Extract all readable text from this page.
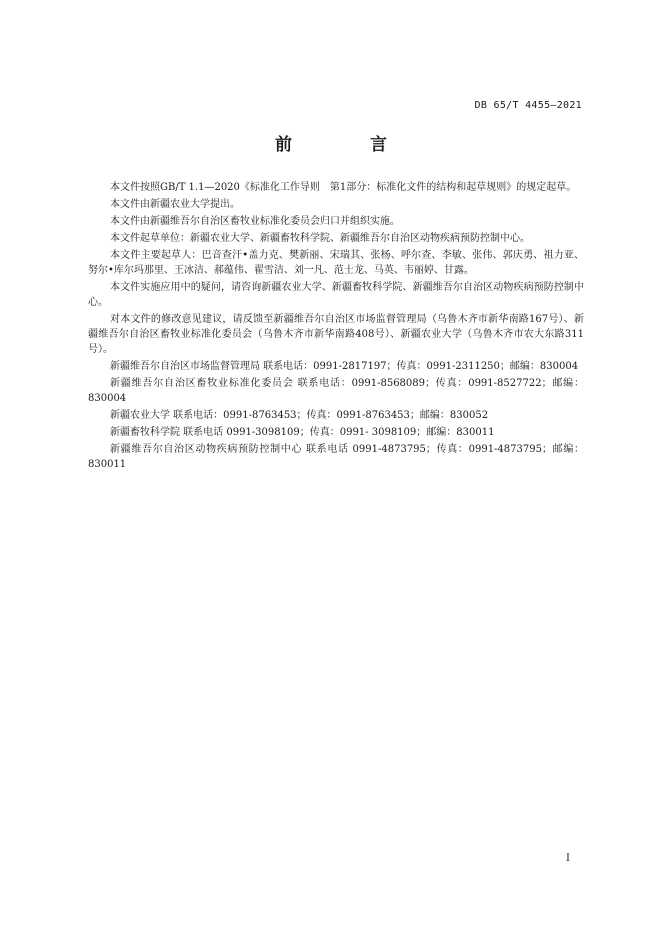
DB 65/T 4455—2021
前 言

本文件按照GB/T 1.1—2020《标准化工作导则　第1部分：标准化文件的结构和起草规则》的规定起草。

本文件由新疆农业大学提出。

本文件由新疆维吾尔自治区畜牧业标准化委员会归口并组织实施。

本文件起草单位：新疆农业大学、新疆畜牧科学院、新疆维吾尔自治区动物疾病预防控制中心。

本文件主要起草人：巴音查汗•盖力克、樊新丽、宋瑞其、张杨、呼尔查、李敏、张伟、郭庆勇、祖力亚、努尔•库尔玛那里、王冰洁、郝蕴伟、翟雪洁、刘一凡、范士龙、马英、韦丽婷、甘露。

本文件实施应用中的疑问，请咨询新疆农业大学、新疆畜牧科学院、新疆维吾尔自治区动物疾病预防控制中心。

对本文件的修改意见建议，请反馈至新疆维吾尔自治区市场监督管理局（乌鲁木齐市新华南路167号）、新疆维吾尔自治区畜牧业标准化委员会（乌鲁木齐市新华南路408号）、新疆农业大学（乌鲁木齐市农大东路311号）。

新疆维吾尔自治区市场监督管理局 联系电话：0991-2817197；传真：0991-2311250；邮编：830004

新疆维吾尔自治区畜牧业标准化委员会 联系电话：0991-8568089；传真：0991-8527722；邮编：830004

新疆农业大学 联系电话：0991-8763453；传真：0991-8763453；邮编：830052

新疆畜牧科学院 联系电话 0991-3098109；传真：0991- 3098109；邮编：830011

新疆维吾尔自治区动物疾病预防控制中心 联系电话 0991-4873795；传真：0991-4873795；邮编：830011

I
